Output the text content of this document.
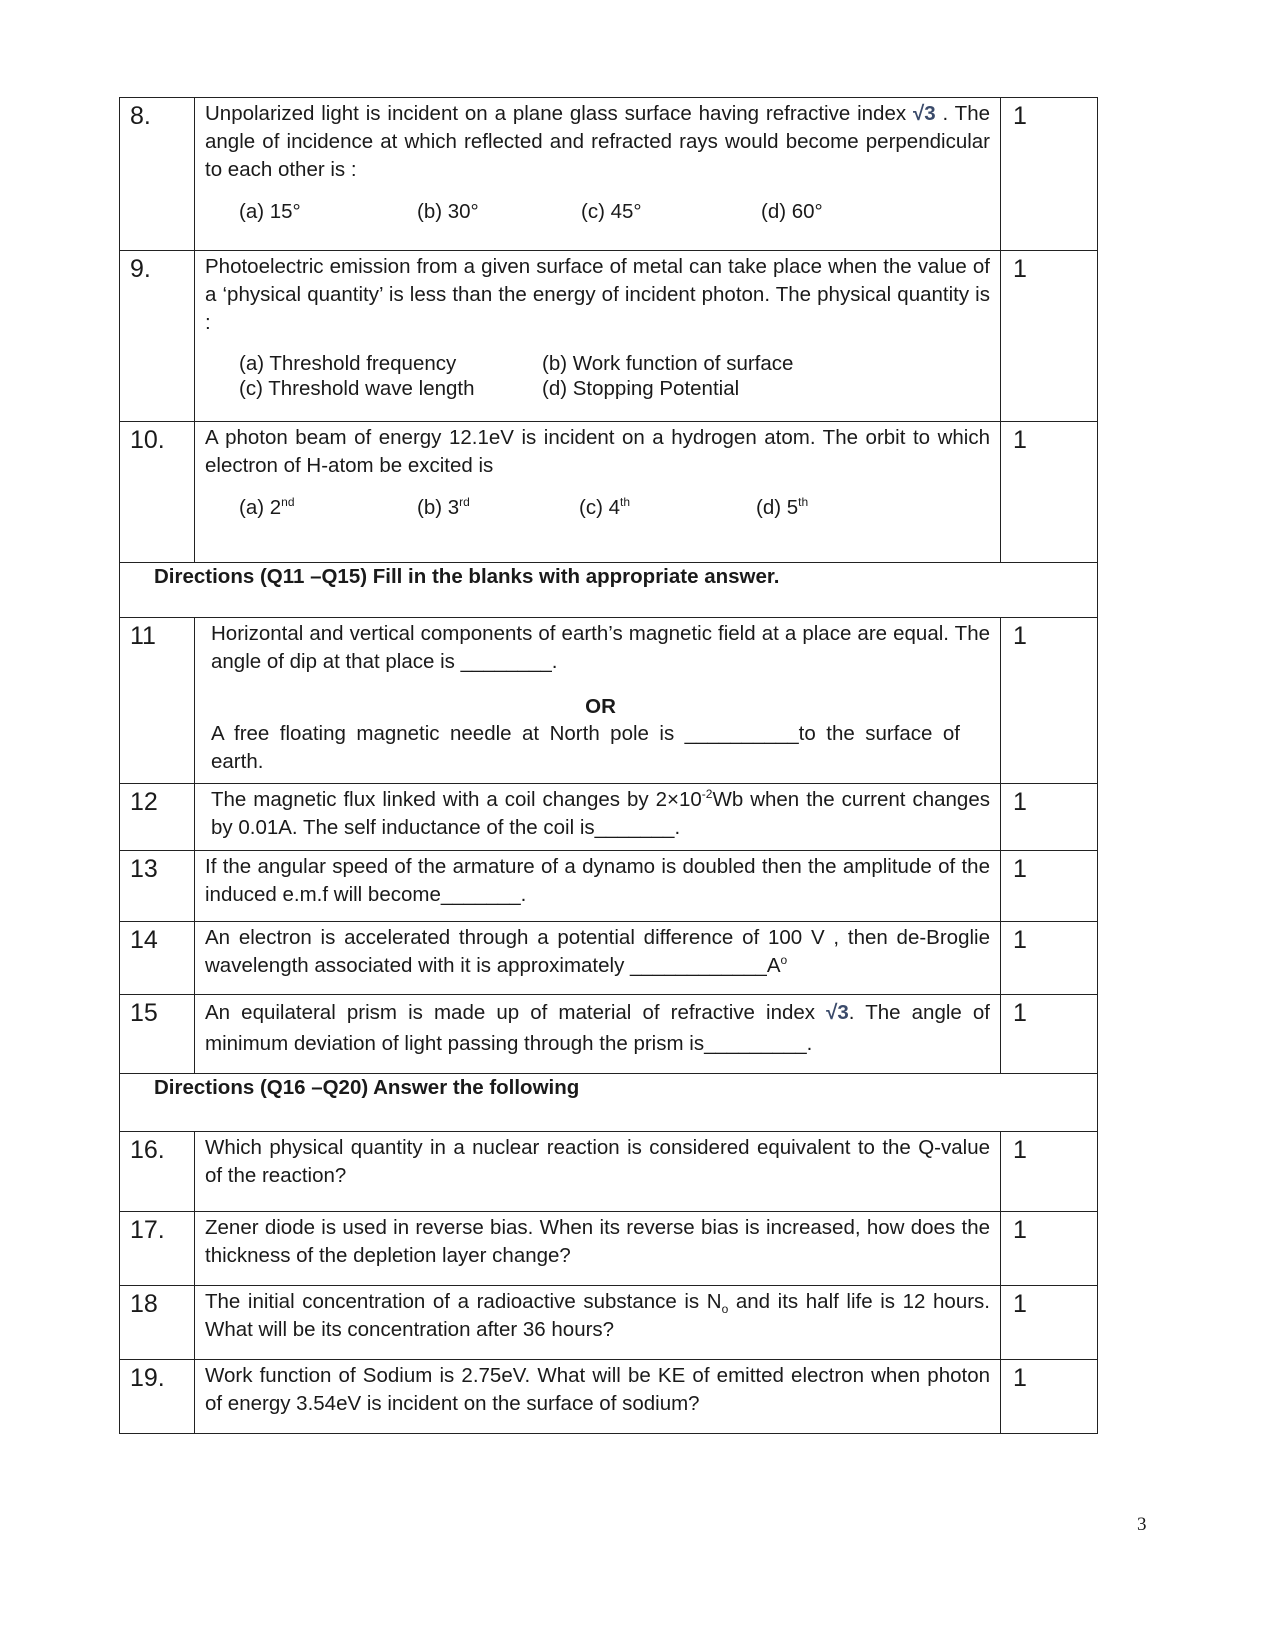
8.	Unpolarized light is incident on a plane glass surface having refractive index √3 . The angle of incidence at which reflected and refracted rays would become perpendicular to each other is :
(a) 15° (b) 30° (c) 45° (d) 60°	1
9.	Photoelectric emission from a given surface of metal can take place when the value of a ‘physical quantity’ is less than the energy of incident photon. The physical quantity is :
(a) Threshold frequency (b) Work function of surface
(c) Threshold wave length (d) Stopping Potential	1
10.	A photon beam of energy 12.1eV is incident on a hydrogen atom. The orbit to which electron of H-atom be excited is
(a) 2nd (b) 3rd (c) 4th (d) 5th	1
Directions (Q11 –Q15) Fill in the blanks with appropriate answer.		
11	Horizontal and vertical components of earth’s magnetic field at a place are equal. The angle of dip at that place is ________.
OR
A free floating magnetic needle at North pole is __________to the surface of earth.	1
12	The magnetic flux linked with a coil changes by $2\times 10^{-2}Wb$ when the current changes by 0.01A. The self inductance of the coil is_______.	1
13	If the angular speed of the armature of a dynamo is doubled then the amplitude of the induced e.m.f will become_______.	1
14	An electron is accelerated through a potential difference of 100 V , then de-Broglie wavelength associated with it is approximately $\_\_\_\_\_\_\_\_\_\_\_\_A^o$	1
15	An equilateral prism is made up of material of refractive index √3. The angle of minimum deviation of light passing through the prism is_________.	1
Directions (Q16 –Q20) Answer the following		
16.	Which physical quantity in a nuclear reaction is considered equivalent to the Q-value of the reaction?	1
17.	Zener diode is used in reverse bias. When its reverse bias is increased, how does the thickness of the depletion layer change?	1
18	The initial concentration of a radioactive substance is $N_o$ and its half life is 12 hours. What will be its concentration after 36 hours?	1
19.	Work function of Sodium is 2.75eV. What will be KE of emitted electron when photon of energy 3.54eV is incident on the surface of sodium?	1
3
